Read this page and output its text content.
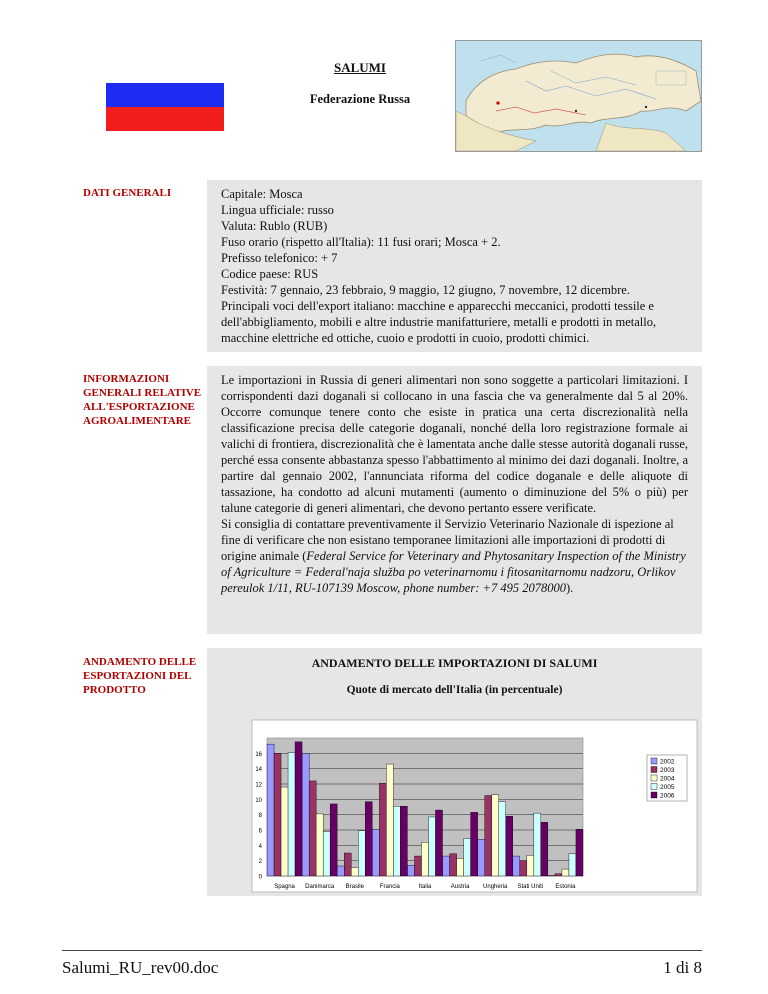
SALUMI
Federazione Russa
DATI GENERALI	Capitale: Mosca
Lingua ufficiale: russo
Valuta: Rublo (RUB)
Fuso orario (rispetto all'Italia): 11 fusi orari; Mosca + 2.
Prefisso telefonico: + 7
Codice paese: RUS
Festività: 7 gennaio, 23 febbraio, 9 maggio, 12 giugno, 7 novembre, 12 dicembre.
Principali voci dell'export italiano: macchine e apparecchi meccanici, prodotti tessile e dell'abbigliamento, mobili e altre industrie manifatturiere, metalli e prodotti in metallo, macchine elettriche ed ottiche, cuoio e prodotti in cuoio, prodotti chimici.
INFORMAZIONI GENERALI RELATIVE ALL'ESPORTAZIONE AGROALIMENTARE
Le importazioni in Russia di generi alimentari non sono soggette a particolari limitazioni. I corrispondenti dazi doganali si collocano in una fascia che va generalmente dal 5 al 20%. Occorre comunque tenere conto che esiste in pratica una certa discrezionalità nella classificazione precisa delle categorie doganali, nonché della loro registrazione formale ai valichi di frontiera, discrezionalità che è lamentata anche dalle stesse autorità doganali russe, perché essa consente abbastanza spesso l'abbattimento al minimo dei dazi doganali. Inoltre, a partire dal gennaio 2002, l'annunciata riforma del codice doganale e delle aliquote di tassazione, ha condotto ad alcuni mutamenti (aumento o diminuzione del 5% o più) per talune categorie di generi alimentari, che devono pertanto essere verificate.
Si consiglia di contattare preventivamente il Servizio Veterinario Nazionale di ispezione al fine di verificare che non esistano temporanee limitazioni alle importazioni di prodotti di origine animale (Federal Service for Veterinary and Phytosanitary Inspection of the Ministry of Agriculture = Federal'naja služba po veterinarnomu i fitosanitarnomu nadzoru, Orlikov pereulok 1/11, RU-107139 Moscow, phone number: +7 495 2078000).
ANDAMENTO DELLE ESPORTAZIONI DEL PRODOTTO
ANDAMENTO DELLE IMPORTAZIONI DI SALUMI
Quote di mercato dell'Italia (in percentuale)
0
2
4
6
8
10
12
14
16
Spagna Danimarca Brasile	Francia	Italia	Austria Ungheria Stati Uniti Estonia
2002
2003
2004
2005
2006
Salumi_RU_rev00.doc	1 di 8
